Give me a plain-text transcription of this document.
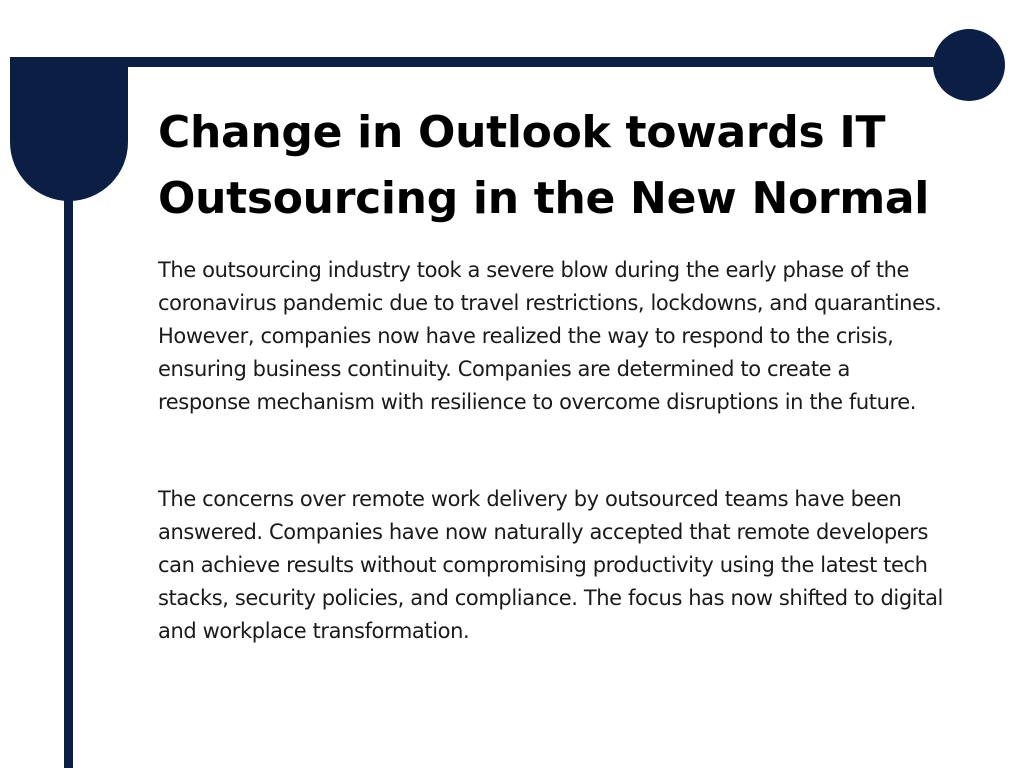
Change in Outlook towards IT Outsourcing in the New Normal

The outsourcing industry took a severe blow during the early phase of the coronavirus pandemic due to travel restrictions, lockdowns, and quarantines. However, companies now have realized the way to respond to the crisis, ensuring business continuity. Companies are determined to create a response mechanism with resilience to overcome disruptions in the future.

The concerns over remote work delivery by outsourced teams have been answered. Companies have now naturally accepted that remote developers can achieve results without compromising productivity using the latest tech stacks, security policies, and compliance. The focus has now shifted to digital and workplace transformation.
